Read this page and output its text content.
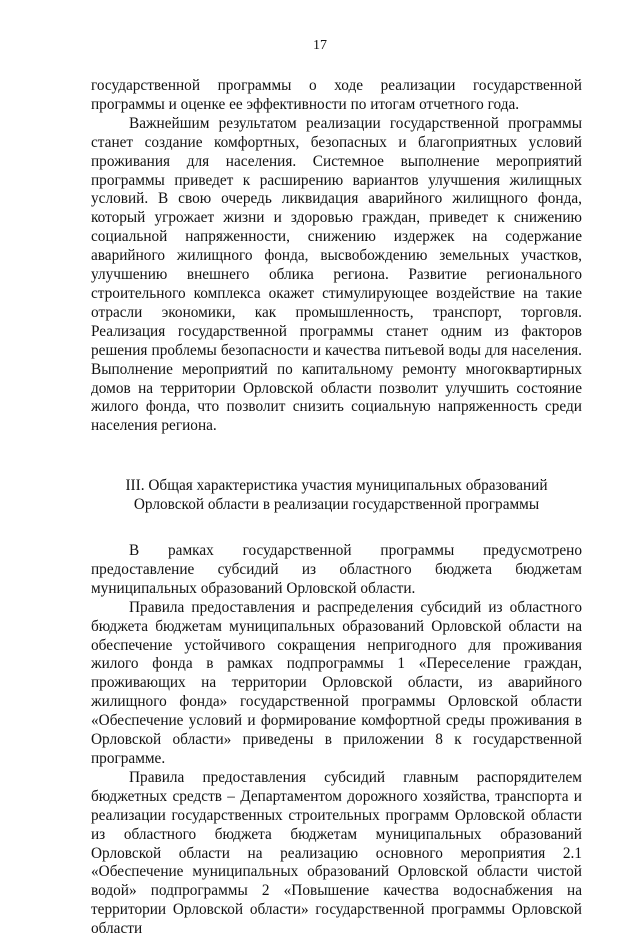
17

государственной программы о ходе реализации государственной программы и оценке ее эффективности по итогам отчетного года.

Важнейшим результатом реализации государственной программы станет создание комфортных, безопасных и благоприятных условий проживания для населения. Системное выполнение мероприятий программы приведет к расширению вариантов улучшения жилищных условий. В свою очередь ликвидация аварийного жилищного фонда, который угрожает жизни и здоровью граждан, приведет к снижению социальной напряженности, снижению издержек на содержание аварийного жилищного фонда, высвобождению земельных участков, улучшению внешнего облика региона. Развитие регионального строительного комплекса окажет стимулирующее воздействие на такие отрасли экономики, как промышленность, транспорт, торговля. Реализация государственной программы станет одним из факторов решения проблемы безопасности и качества питьевой воды для населения. Выполнение мероприятий по капитальному ремонту многоквартирных домов на территории Орловской области позволит улучшить состояние жилого фонда, что позволит снизить социальную напряженность среди населения региона.

III. Общая характеристика участия муниципальных образований
Орловской области в реализации государственной программы

В рамках государственной программы предусмотрено предоставление субсидий из областного бюджета бюджетам муниципальных образований Орловской области.

Правила предоставления и распределения субсидий из областного бюджета бюджетам муниципальных образований Орловской области на обеспечение устойчивого сокращения непригодного для проживания жилого фонда в рамках подпрограммы 1 «Переселение граждан, проживающих на территории Орловской области, из аварийного жилищного фонда» государственной программы Орловской области «Обеспечение условий и формирование комфортной среды проживания в Орловской области» приведены в приложении 8 к государственной программе.

Правила предоставления субсидий главным распорядителем бюджетных средств – Департаментом дорожного хозяйства, транспорта и реализации государственных строительных программ Орловской области из областного бюджета бюджетам муниципальных образований Орловской области на реализацию основного мероприятия 2.1 «Обеспечение муниципальных образований Орловской области чистой водой» подпрограммы 2 «Повышение качества водоснабжения на территории Орловской области» государственной программы Орловской области
